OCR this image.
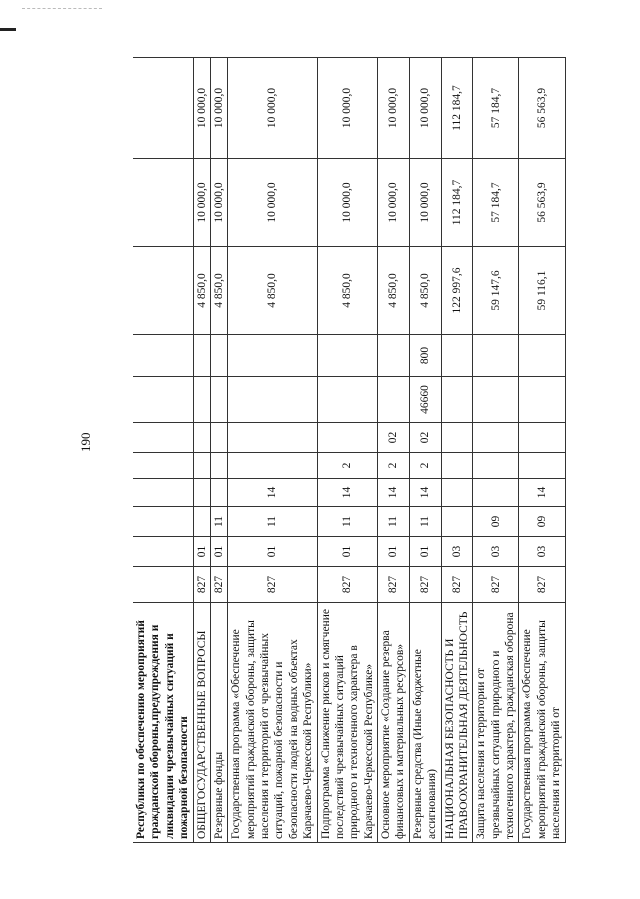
190
Республики по обеспечению мероприятий гражданской обороны,предупреждения и ликвидации чрезвычайных ситуаций и пожарной безопасности											
ОБЩЕГОСУДАРСТВЕННЫЕ ВОПРОСЫ	827	01							4 850,0	10 000,0	10 000,0
Резервные фонды	827	01	11						4 850,0	10 000,0	10 000,0
Государственная программа «Обеспечение мероприятий гражданской обороны, защиты населения и территорий от чрезвычайных ситуаций, пожарной безопасности и безопасности людей на водных объектах Карачаево-Черкесской Республики»	827	01	11	14					4 850,0	10 000,0	10 000,0
Подпрограмма «Снижение рисков и смягчение последствий чрезвычайных ситуаций природного и техногенного характера в Карачаево-Черкесской Республике»	827	01	11	14	2				4 850,0	10 000,0	10 000,0
Основное мероприятие «Создание резерва финансовых и материальных ресурсов»	827	01	11	14	2	02			4 850,0	10 000,0	10 000,0
Резервные средства (Иные бюджетные ассигнования)	827	01	11	14	2	02	46660	800	4 850,0	10 000,0	10 000,0
НАЦИОНАЛЬНАЯ БЕЗОПАСНОСТЬ И ПРАВООХРАНИТЕЛЬНАЯ ДЕЯТЕЛЬНОСТЬ	827	03							122 997,6	112 184,7	112 184,7
Защита населения и территории от чрезвычайных ситуаций природного и техногенного характера, гражданская оборона	827	03	09						59 147,6	57 184,7	57 184,7
Государственная программа «Обеспечение мероприятий гражданской обороны, защиты населения и территорий от	827	03	09	14					59 116,1	56 563,9	56 563,9
